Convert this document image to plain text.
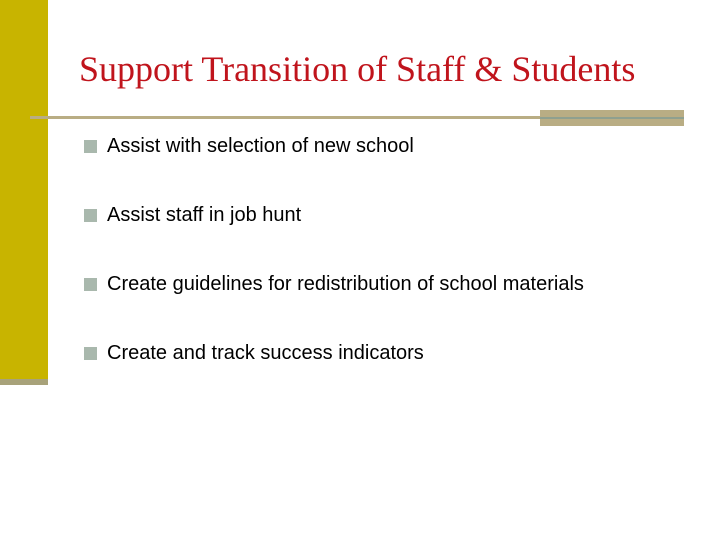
Support Transition of Staff & Students
Assist with selection of new school
Assist staff in job hunt
Create guidelines for redistribution of school materials
Create and track success indicators
